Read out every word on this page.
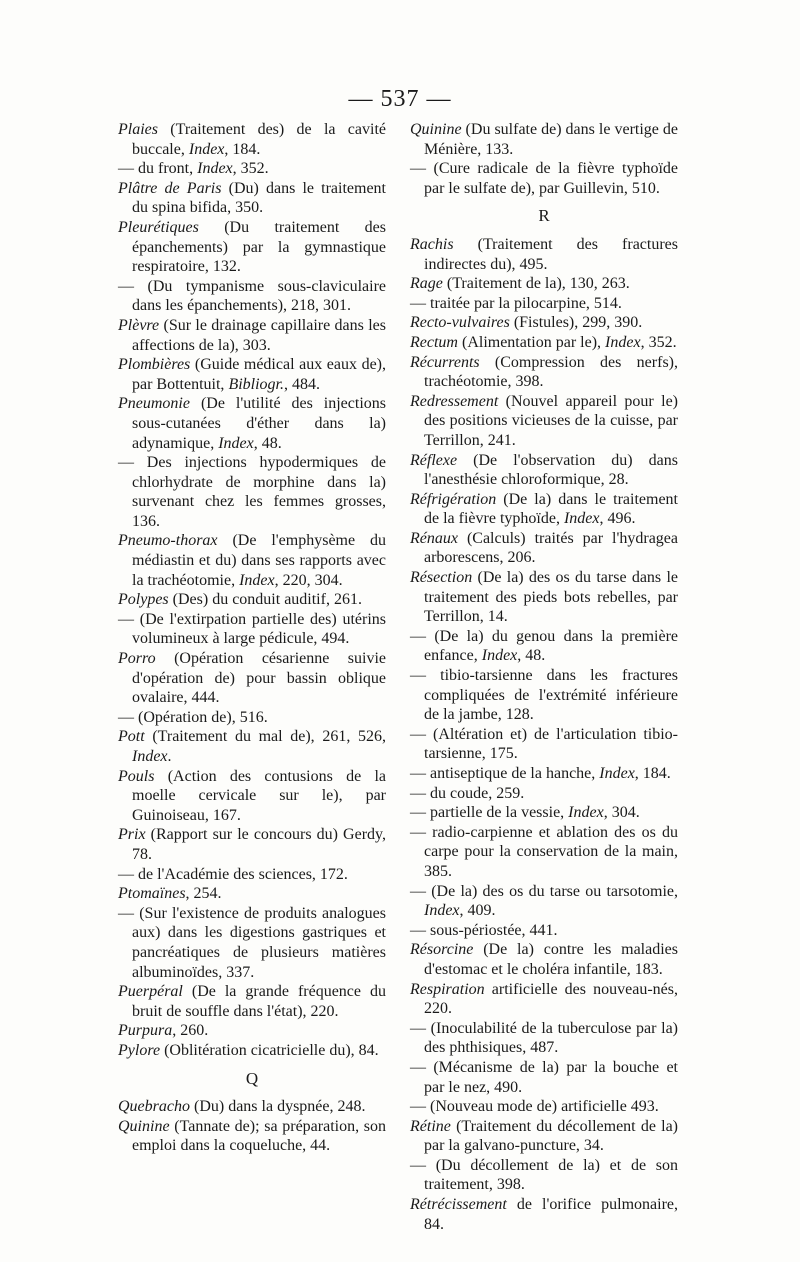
— 537 —

Plaies (Traitement des) de la cavité buccale, Index, 184.

— du front, Index, 352.

Plâtre de Paris (Du) dans le traitement du spina bifida, 350.

Pleurétiques (Du traitement des épanchements) par la gymnastique respiratoire, 132.

— (Du tympanisme sous-claviculaire dans les épanchements), 218, 301.

Plèvre (Sur le drainage capillaire dans les affections de la), 303.

Plombières (Guide médical aux eaux de), par Bottentuit, Bibliogr., 484.

Pneumonie (De l'utilité des injections sous-cutanées d'éther dans la) adynamique, Index, 48.

— Des injections hypodermiques de chlorhydrate de morphine dans la) survenant chez les femmes grosses, 136.

Pneumo-thorax (De l'emphysème du médiastin et du) dans ses rapports avec la trachéotomie, Index, 220, 304.

Polypes (Des) du conduit auditif, 261.

— (De l'extirpation partielle des) utérins volumineux à large pédicule, 494.

Porro (Opération césarienne suivie d'opération de) pour bassin oblique ovalaire, 444.

— (Opération de), 516.

Pott (Traitement du mal de), 261, 526, Index.

Pouls (Action des contusions de la moelle cervicale sur le), par Guinoiseau, 167.

Prix (Rapport sur le concours du) Gerdy, 78.

— de l'Académie des sciences, 172.

Ptomaïnes, 254.

— (Sur l'existence de produits analogues aux) dans les digestions gastriques et pancréatiques de plusieurs matières albuminoïdes, 337.

Puerpéral (De la grande fréquence du bruit de souffle dans l'état), 220.

Purpura, 260.

Pylore (Oblitération cicatricielle du), 84.

Q

Quebracho (Du) dans la dyspnée, 248.

Quinine (Tannate de); sa préparation, son emploi dans la coqueluche, 44.

Quinine (Du sulfate de) dans le vertige de Ménière, 133.

— (Cure radicale de la fièvre typhoïde par le sulfate de), par Guillevin, 510.

R

Rachis (Traitement des fractures indirectes du), 495.

Rage (Traitement de la), 130, 263.

— traitée par la pilocarpine, 514.

Recto-vulvaires (Fistules), 299, 390.

Rectum (Alimentation par le), Index, 352.

Récurrents (Compression des nerfs), trachéotomie, 398.

Redressement (Nouvel appareil pour le) des positions vicieuses de la cuisse, par Terrillon, 241.

Réflexe (De l'observation du) dans l'anesthésie chloroformique, 28.

Réfrigération (De la) dans le traitement de la fièvre typhoïde, Index, 496.

Rénaux (Calculs) traités par l'hydragea arborescens, 206.

Résection (De la) des os du tarse dans le traitement des pieds bots rebelles, par Terrillon, 14.

— (De la) du genou dans la première enfance, Index, 48.

— tibio-tarsienne dans les fractures compliquées de l'extrémité inférieure de la jambe, 128.

— (Altération et) de l'articulation tibio-tarsienne, 175.

— antiseptique de la hanche, Index, 184.

— du coude, 259.

— partielle de la vessie, Index, 304.

— radio-carpienne et ablation des os du carpe pour la conservation de la main, 385.

— (De la) des os du tarse ou tarsotomie, Index, 409.

— sous-périostée, 441.

Résorcine (De la) contre les maladies d'estomac et le choléra infantile, 183.

Respiration artificielle des nouveau-nés, 220.

— (Inoculabilité de la tuberculose par la) des phthisiques, 487.

— (Mécanisme de la) par la bouche et par le nez, 490.

— (Nouveau mode de) artificielle 493.

Rétine (Traitement du décollement de la) par la galvano-puncture, 34.

— (Du décollement de la) et de son traitement, 398.

Rétrécissement de l'orifice pulmonaire, 84.
